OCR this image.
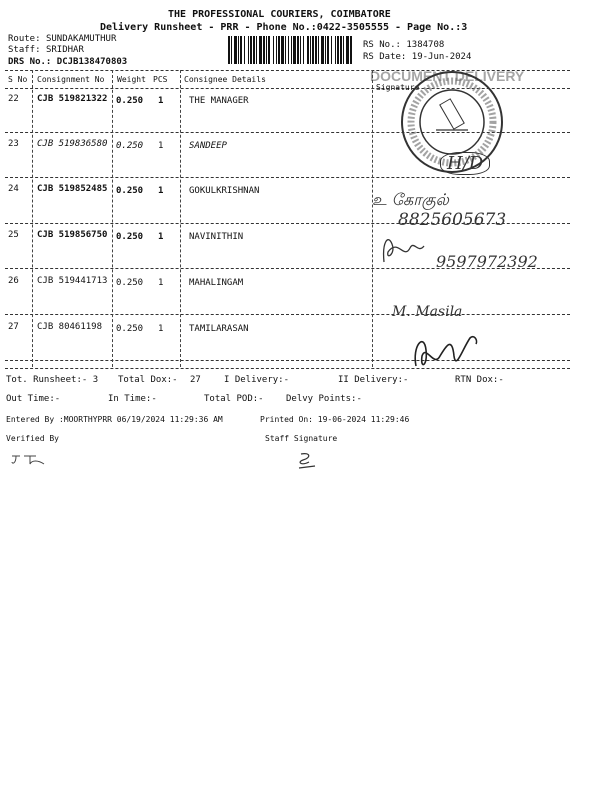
THE PROFESSIONAL COURIERS, COIMBATORE
Delivery Runsheet - PRR - Phone No.:0422-3505555 - Page No.:3
Route: SUNDAKAMUTHUR
Staff: SRIDHAR
DRS No.: DCJB138470803
RS No.: 1384708
RS Date: 19-Jun-2024
DOCUMENT DELIVERY
S No Consignment No Weight PCS Consignee Details
Signature
22 CJB 519821322 0.250 1	THE MANAGER
23 CJB 519836580 0.250 1	SANDEEP
24 CJB 519852485 0.250 1	GOKULKRISHNAN
25 CJB 519856750 0.250 1	NAVINITHIN
26 CJB 519441713 0.250 1	MAHALINGAM
27 CJB 80461198 0.250 1	TAMILARASAN
H/D
உ கோகுல்
8825605673
9597972392
M. Masila
Tot. Runsheet:- 3 Total Dox:- 27	I Delivery:-	II Delivery:-	RTN Dox:-
Out Time:-	In Time:-	Total POD:- Delvy Points:-
Entered By :MOORTHYPRR 06/19/2024 11:29:36 AM	Printed On: 19-06-2024 11:29:46
Verified By	Staff Signature
